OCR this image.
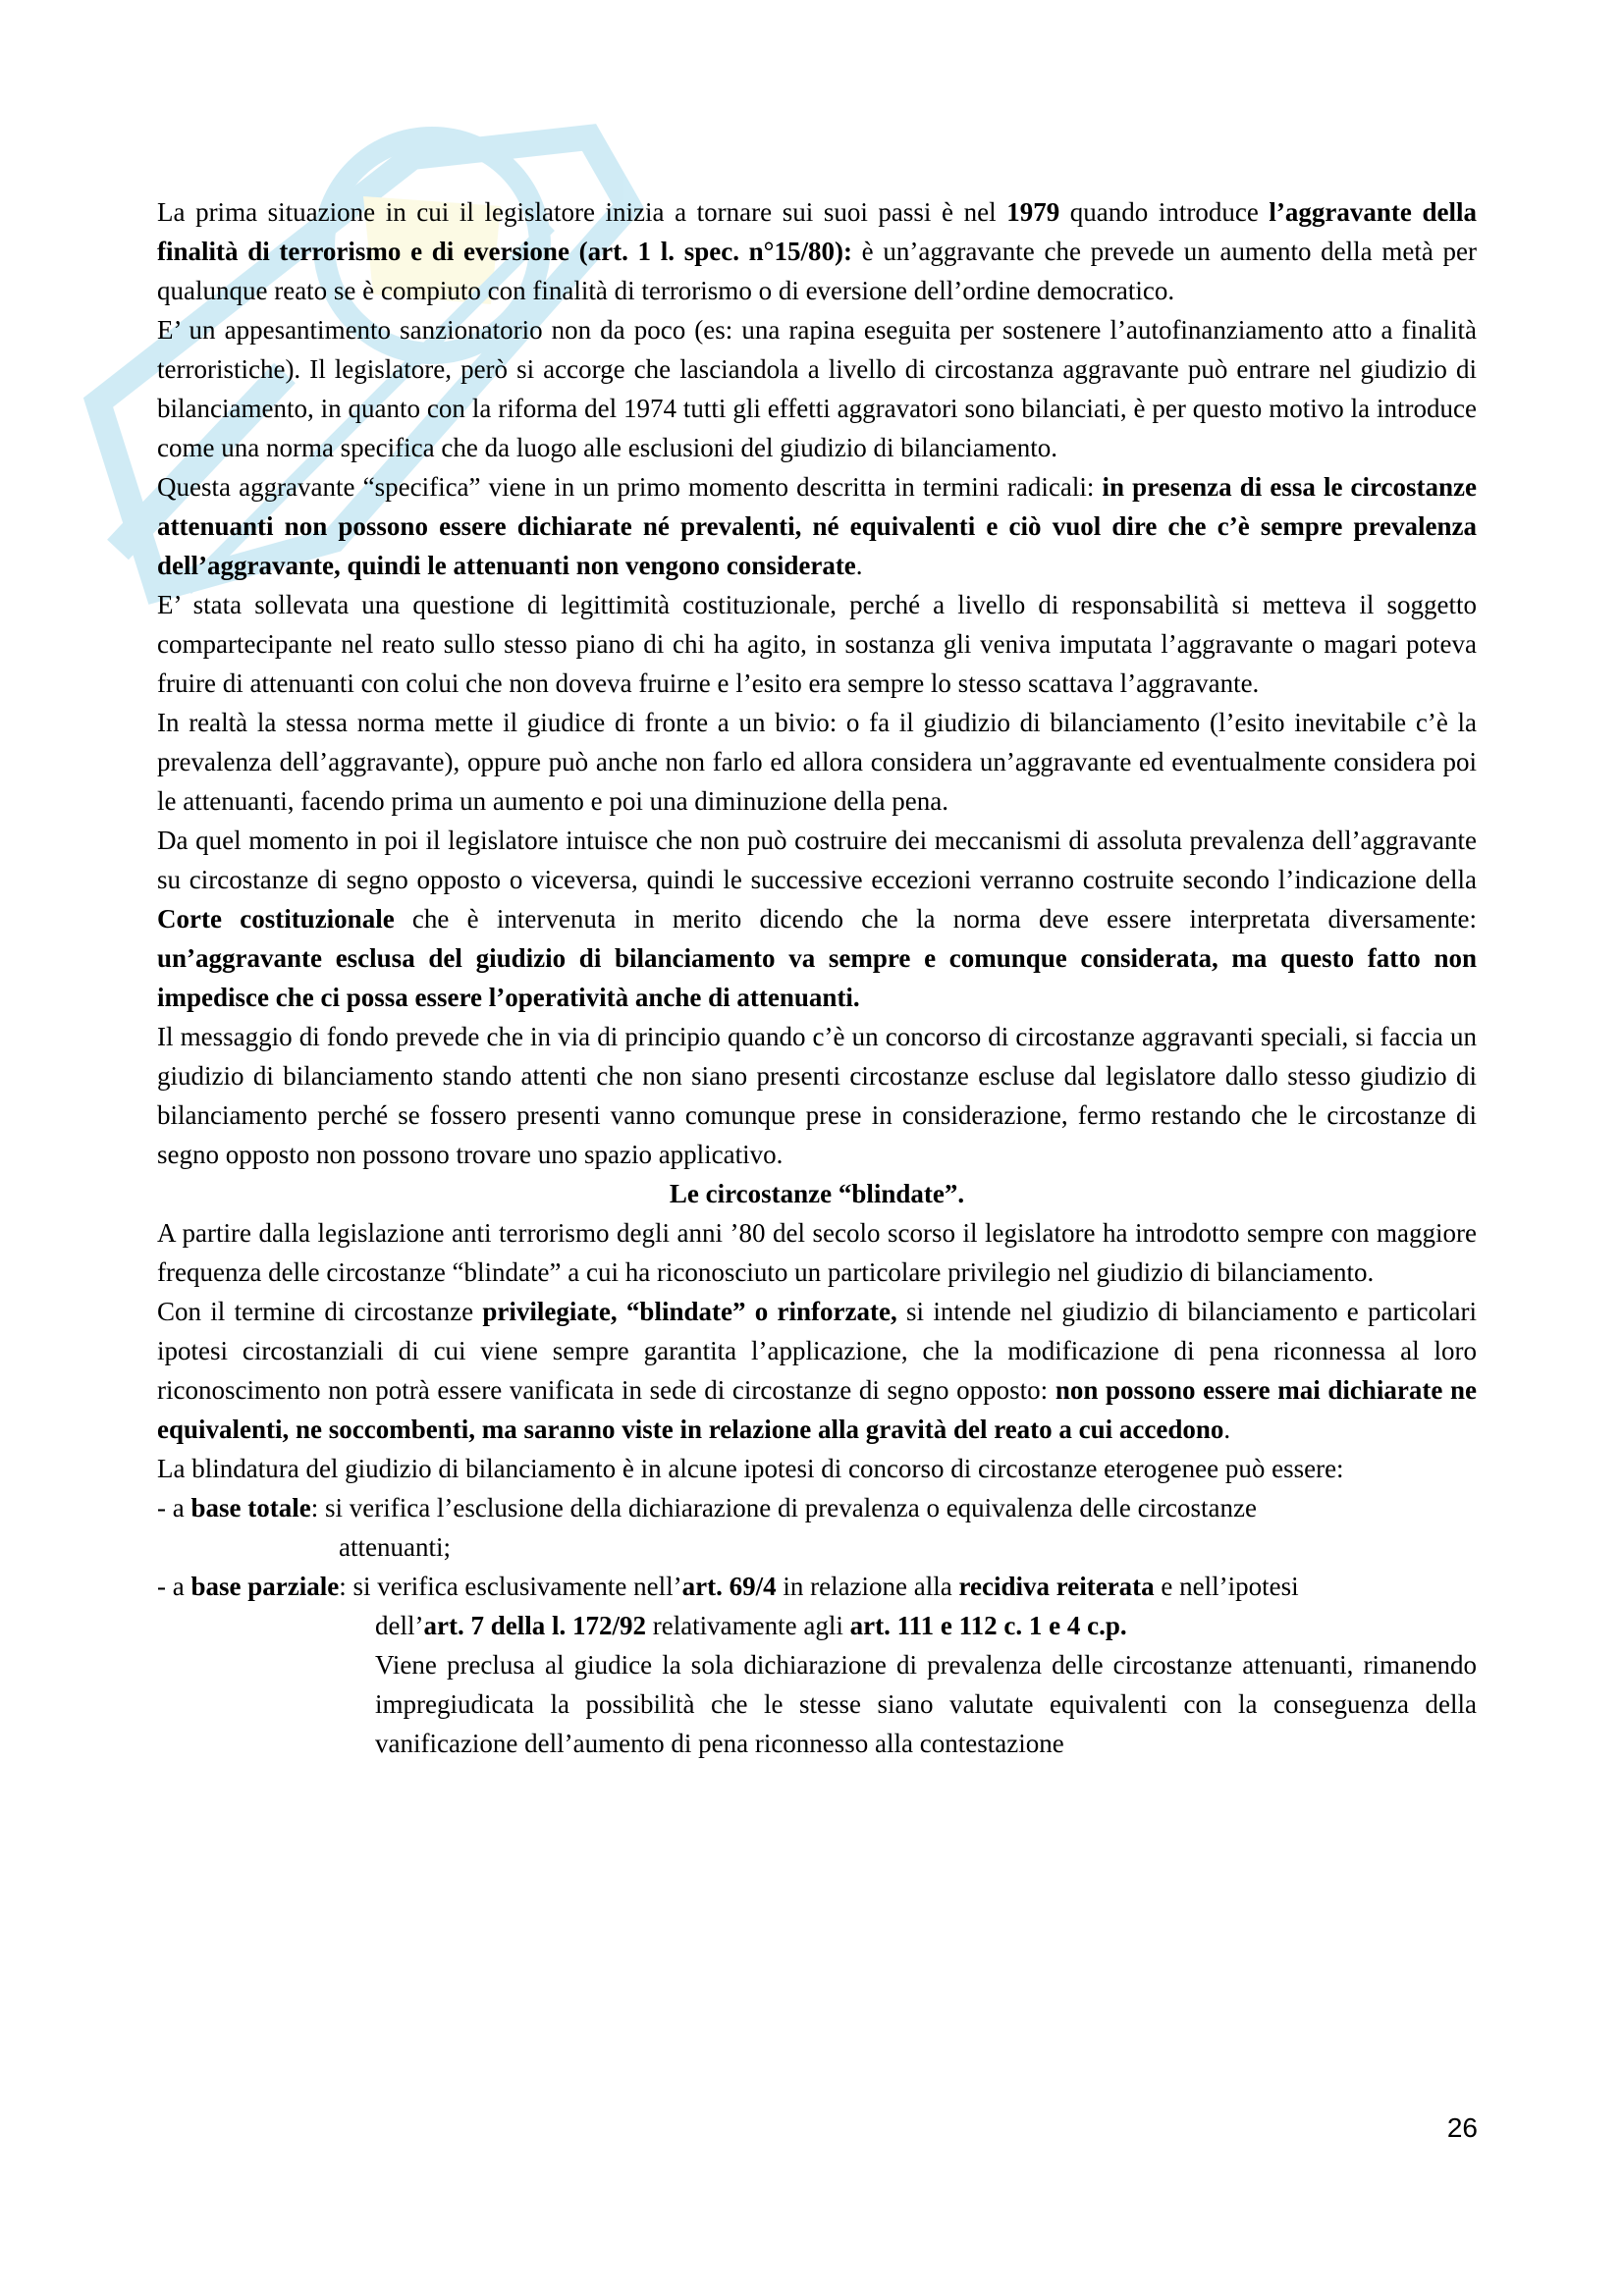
La prima situazione in cui il legislatore inizia a tornare sui suoi passi è nel 1979 quando introduce l’aggravante della finalità di terrorismo e di eversione (art. 1 l. spec. n°15/80): è un’aggravante che prevede un aumento della metà per qualunque reato se è compiuto con finalità di terrorismo o di eversione dell’ordine democratico.

E’ un appesantimento sanzionatorio non da poco (es: una rapina eseguita per sostenere l’autofinanziamento atto a finalità terroristiche). Il legislatore, però si accorge che lasciandola a livello di circostanza aggravante può entrare nel giudizio di bilanciamento, in quanto con la riforma del 1974 tutti gli effetti aggravatori sono bilanciati, è per questo motivo la introduce come una norma specifica che da luogo alle esclusioni del giudizio di bilanciamento.

Questa aggravante “specifica” viene in un primo momento descritta in termini radicali: in presenza di essa le circostanze attenuanti non possono essere dichiarate né prevalenti, né equivalenti e ciò vuol dire che c’è sempre prevalenza dell’aggravante, quindi le attenuanti non vengono considerate.

E’ stata sollevata una questione di legittimità costituzionale, perché a livello di responsabilità si metteva il soggetto compartecipante nel reato sullo stesso piano di chi ha agito, in sostanza gli veniva imputata l’aggravante o magari poteva fruire di attenuanti con colui che non doveva fruirne e l’esito era sempre lo stesso scattava l’aggravante.

In realtà la stessa norma mette il giudice di fronte a un bivio: o fa il giudizio di bilanciamento (l’esito inevitabile c’è la prevalenza dell’aggravante), oppure può anche non farlo ed allora considera un’aggravante ed eventualmente considera poi le attenuanti, facendo prima un aumento e poi una diminuzione della pena.

Da quel momento in poi il legislatore intuisce che non può costruire dei meccanismi di assoluta prevalenza dell’aggravante su circostanze di segno opposto o viceversa, quindi le successive eccezioni verranno costruite secondo l’indicazione della Corte costituzionale che è intervenuta in merito dicendo che la norma deve essere interpretata diversamente: un’aggravante esclusa del giudizio di bilanciamento va sempre e comunque considerata, ma questo fatto non impedisce che ci possa essere l’operatività anche di attenuanti.

Il messaggio di fondo prevede che in via di principio quando c’è un concorso di circostanze aggravanti speciali, si faccia un giudizio di bilanciamento stando attenti che non siano presenti circostanze escluse dal legislatore dallo stesso giudizio di bilanciamento perché se fossero presenti vanno comunque prese in considerazione, fermo restando che le circostanze di segno opposto non possono trovare uno spazio applicativo.

Le circostanze “blindate”.

A partire dalla legislazione anti terrorismo degli anni ’80 del secolo scorso il legislatore ha introdotto sempre con maggiore frequenza delle circostanze “blindate” a cui ha riconosciuto un particolare privilegio nel giudizio di bilanciamento.

Con il termine di circostanze privilegiate, “blindate” o rinforzate, si intende nel giudizio di bilanciamento e particolari ipotesi circostanziali di cui viene sempre garantita l’applicazione, che la modificazione di pena riconnessa al loro riconoscimento non potrà essere vanificata in sede di circostanze di segno opposto: non possono essere mai dichiarate ne equivalenti, ne soccombenti, ma saranno viste in relazione alla gravità del reato a cui accedono.

La blindatura del giudizio di bilanciamento è in alcune ipotesi di concorso di circostanze eterogenee può essere:

- a base totale: si verifica l’esclusione della dichiarazione di prevalenza o equivalenza delle circostanze
attenuanti;
- a base parziale: si verifica esclusivamente nell’art. 69/4 in relazione alla recidiva reiterata e nell’ipotesi
dell’art. 7 della l. 172/92 relativamente agli art. 111 e 112 c. 1 e 4 c.p.

Viene preclusa al giudice la sola dichiarazione di prevalenza delle circostanze attenuanti, rimanendo impregiudicata la possibilità che le stesse siano valutate equivalenti con la conseguenza della vanificazione dell’aumento di pena riconnesso alla contestazione

26
